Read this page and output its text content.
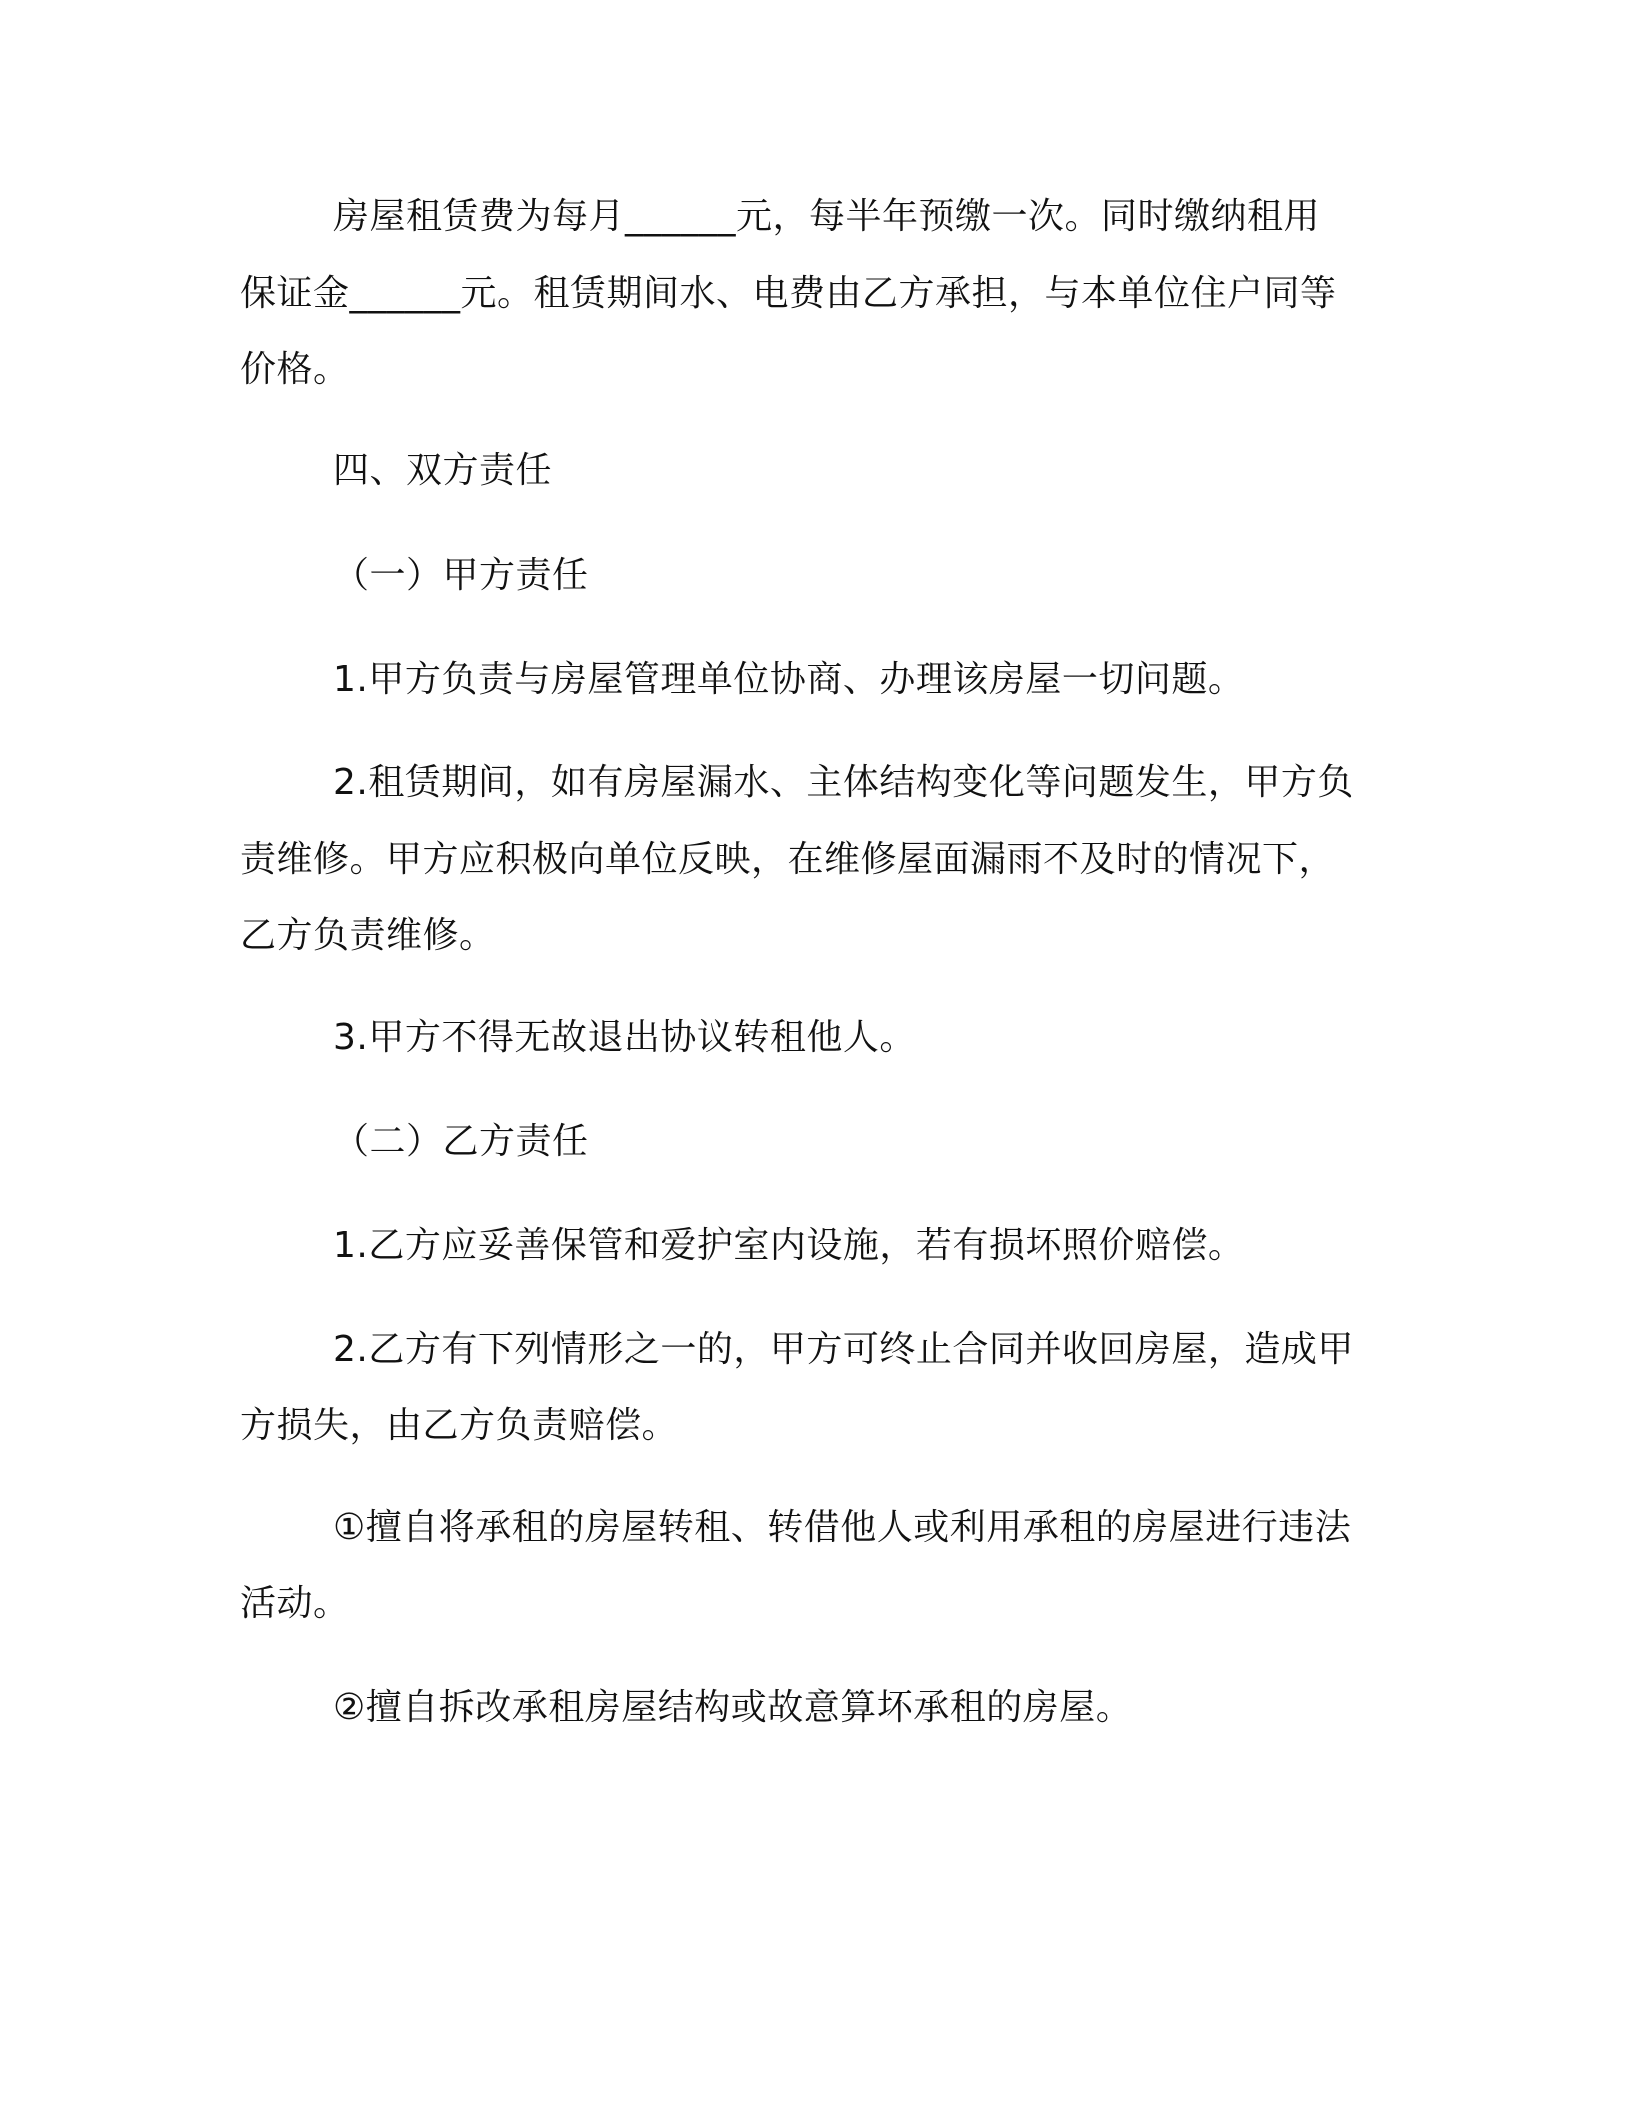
房屋租赁费为每月______元，每半年预缴一次。同时缴纳租用
保证金______元。租赁期间水、电费由乙方承担，与本单位住户同等
价格。
四、双方责任
（一）甲方责任
1.甲方负责与房屋管理单位协商、办理该房屋一切问题。
2.租赁期间，如有房屋漏水、主体结构变化等问题发生，甲方负
责维修。甲方应积极向单位反映，在维修屋面漏雨不及时的情况下，
乙方负责维修。
3.甲方不得无故退出协议转租他人。
（二）乙方责任
1.乙方应妥善保管和爱护室内设施，若有损坏照价赔偿。
2.乙方有下列情形之一的，甲方可终止合同并收回房屋，造成甲
方损失，由乙方负责赔偿。
①擅自将承租的房屋转租、转借他人或利用承租的房屋进行违法
活动。
②擅自拆改承租房屋结构或故意算坏承租的房屋。
